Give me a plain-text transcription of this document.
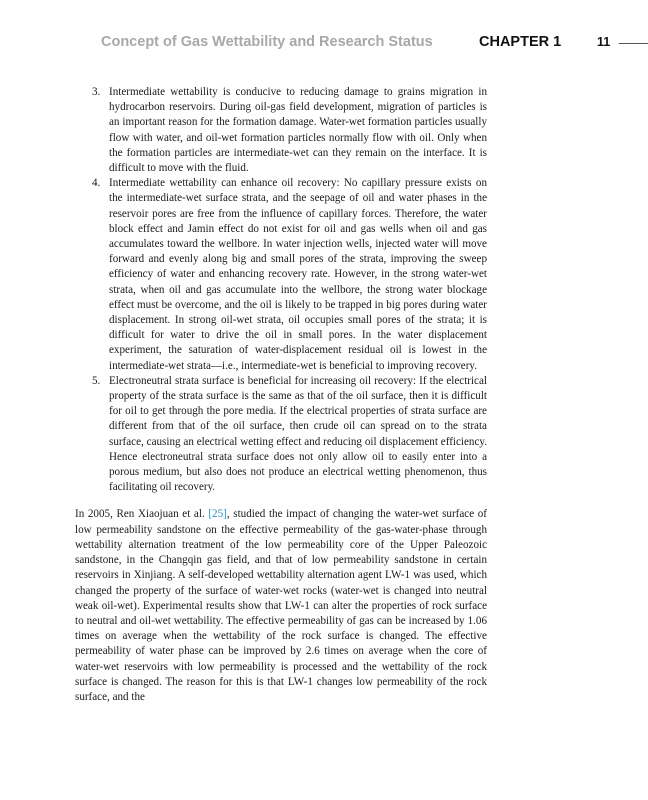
Concept of Gas Wettability and Research Status	CHAPTER 1	11
3. Intermediate wettability is conducive to reducing damage to grains migration in hydrocarbon reservoirs. During oil-gas field development, migration of particles is an important reason for the formation damage. Water-wet formation particles usually flow with water, and oil-wet formation particles normally flow with oil. Only when the formation particles are intermediate-wet can they remain on the interface. It is difficult to move with the fluid.
4. Intermediate wettability can enhance oil recovery: No capillary pressure exists on the intermediate-wet surface strata, and the seepage of oil and water phases in the reservoir pores are free from the influence of capillary forces. Therefore, the water block effect and Jamin effect do not exist for oil and gas wells when oil and gas accumulates toward the wellbore. In water injection wells, injected water will move forward and evenly along big and small pores of the strata, improving the sweep efficiency of water and enhancing recovery rate. However, in the strong water-wet strata, when oil and gas accumulate into the wellbore, the strong water blockage effect must be overcome, and the oil is likely to be trapped in big pores during water displacement. In strong oil-wet strata, oil occupies small pores of the strata; it is difficult for water to drive the oil in small pores. In the water displacement experiment, the saturation of water-displacement residual oil is lowest in the intermediate-wet strata—i.e., intermediate-wet is beneficial to improving recovery.
5. Electroneutral strata surface is beneficial for increasing oil recovery: If the electrical property of the strata surface is the same as that of the oil surface, then it is difficult for oil to get through the pore media. If the electrical properties of strata surface are different from that of the oil surface, then crude oil can spread on to the strata surface, causing an electrical wetting effect and reducing oil displacement efficiency. Hence electroneutral strata surface does not only allow oil to easily enter into a porous medium, but also does not produce an electrical wetting phenomenon, thus facilitating oil recovery.

In 2005, Ren Xiaojuan et al. [25], studied the impact of changing the water-wet surface of low permeability sandstone on the effective permeability of the gas-water-phase through wettability alternation treatment of the low permeability core of the Upper Paleozoic sandstone, in the Changqin gas field, and that of low permeability sandstone in certain reservoirs in Xinjiang. A self-developed wettability alternation agent LW-1 was used, which changed the property of the surface of water-wet rocks (water-wet is changed into neutral weak oil-wet). Experimental results show that LW-1 can alter the properties of rock surface to neutral and oil-wet wettability. The effective permeability of gas can be increased by 1.06 times on average when the wettability of the rock surface is changed. The effective permeability of water phase can be improved by 2.6 times on average when the core of water-wet reservoirs with low permeability is processed and the wettability of the rock surface is changed. The reason for this is that LW-1 changes low permeability of the rock surface, and the
